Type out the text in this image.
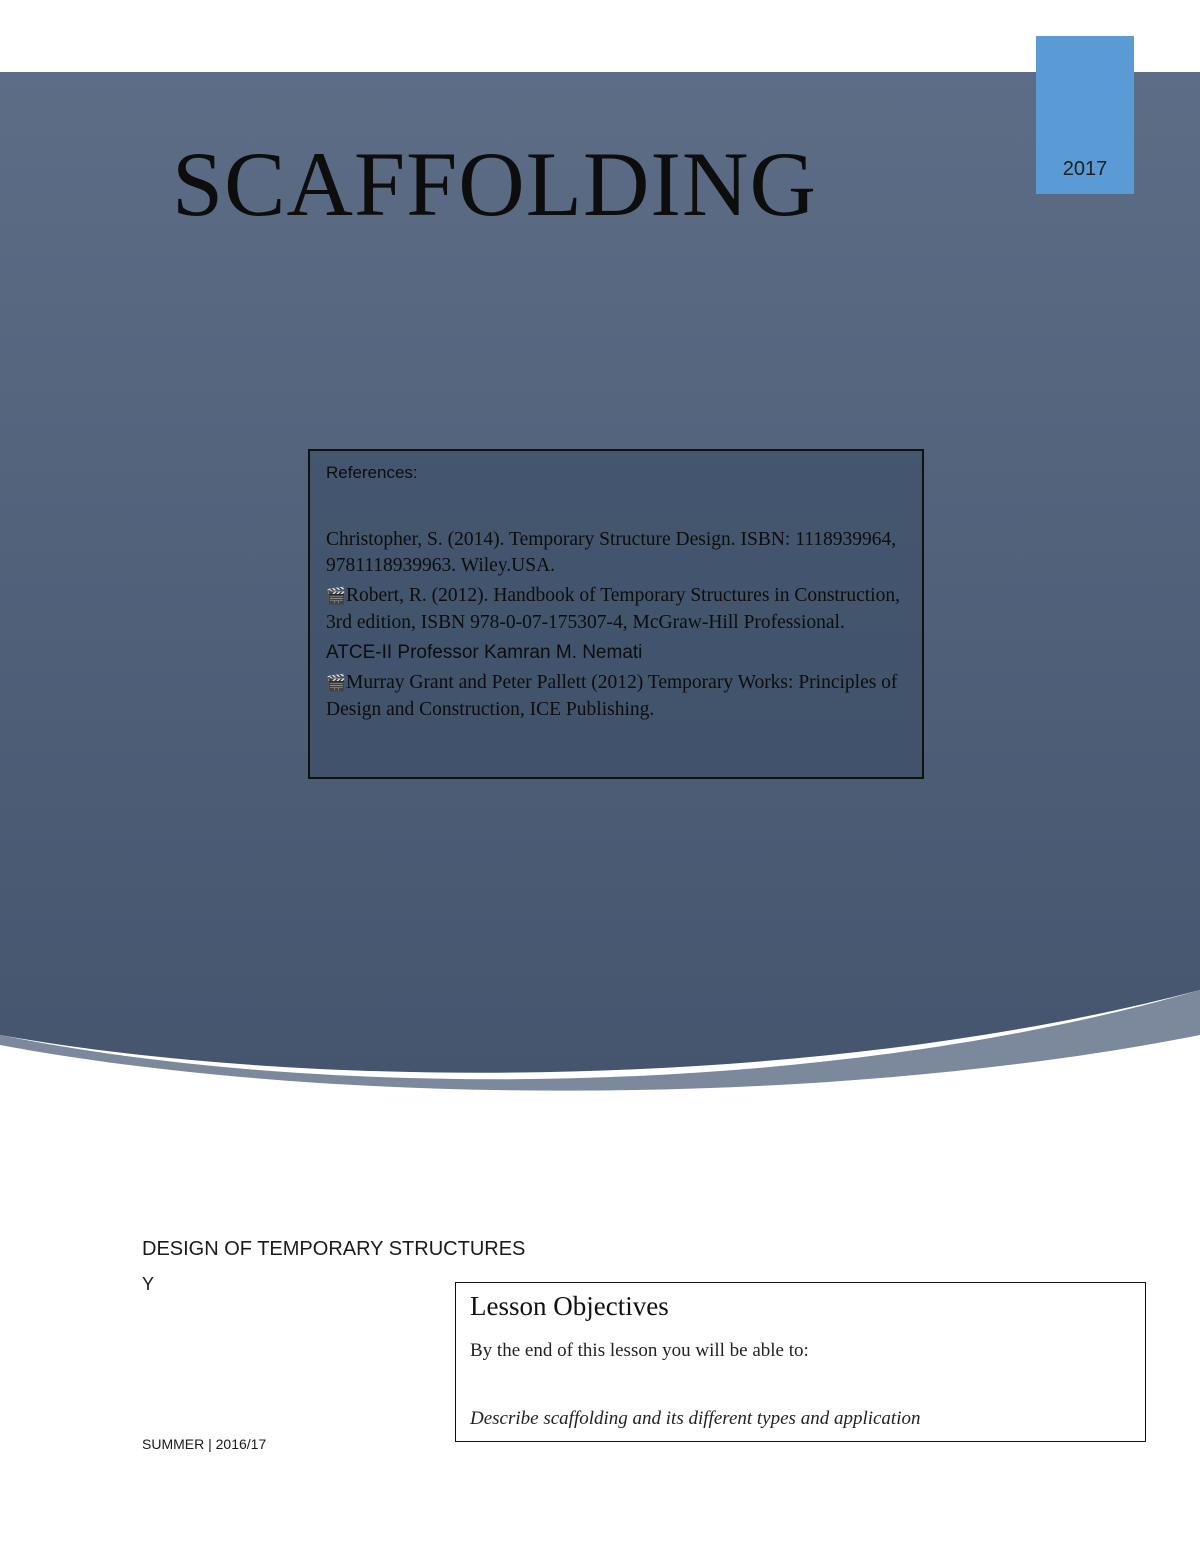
2017
SCAFFOLDING

References:

Christopher, S. (2014). Temporary Structure Design. ISBN: 1118939964, 9781118939963. Wiley.USA.

🎬Robert, R. (2012). Handbook of Temporary Structures in Construction, 3rd edition, ISBN 978-0-07-175307-4, McGraw-Hill Professional.

ATCE-II Professor Kamran M. Nemati

🎬Murray Grant and Peter Pallett (2012) Temporary Works: Principles of Design and Construction, ICE Publishing.

DESIGN OF TEMPORARY STRUCTURES
Y
SUMMER | 2016/17

Lesson Objectives

By the end of this lesson you will be able to:

Describe scaffolding and its different types and application
